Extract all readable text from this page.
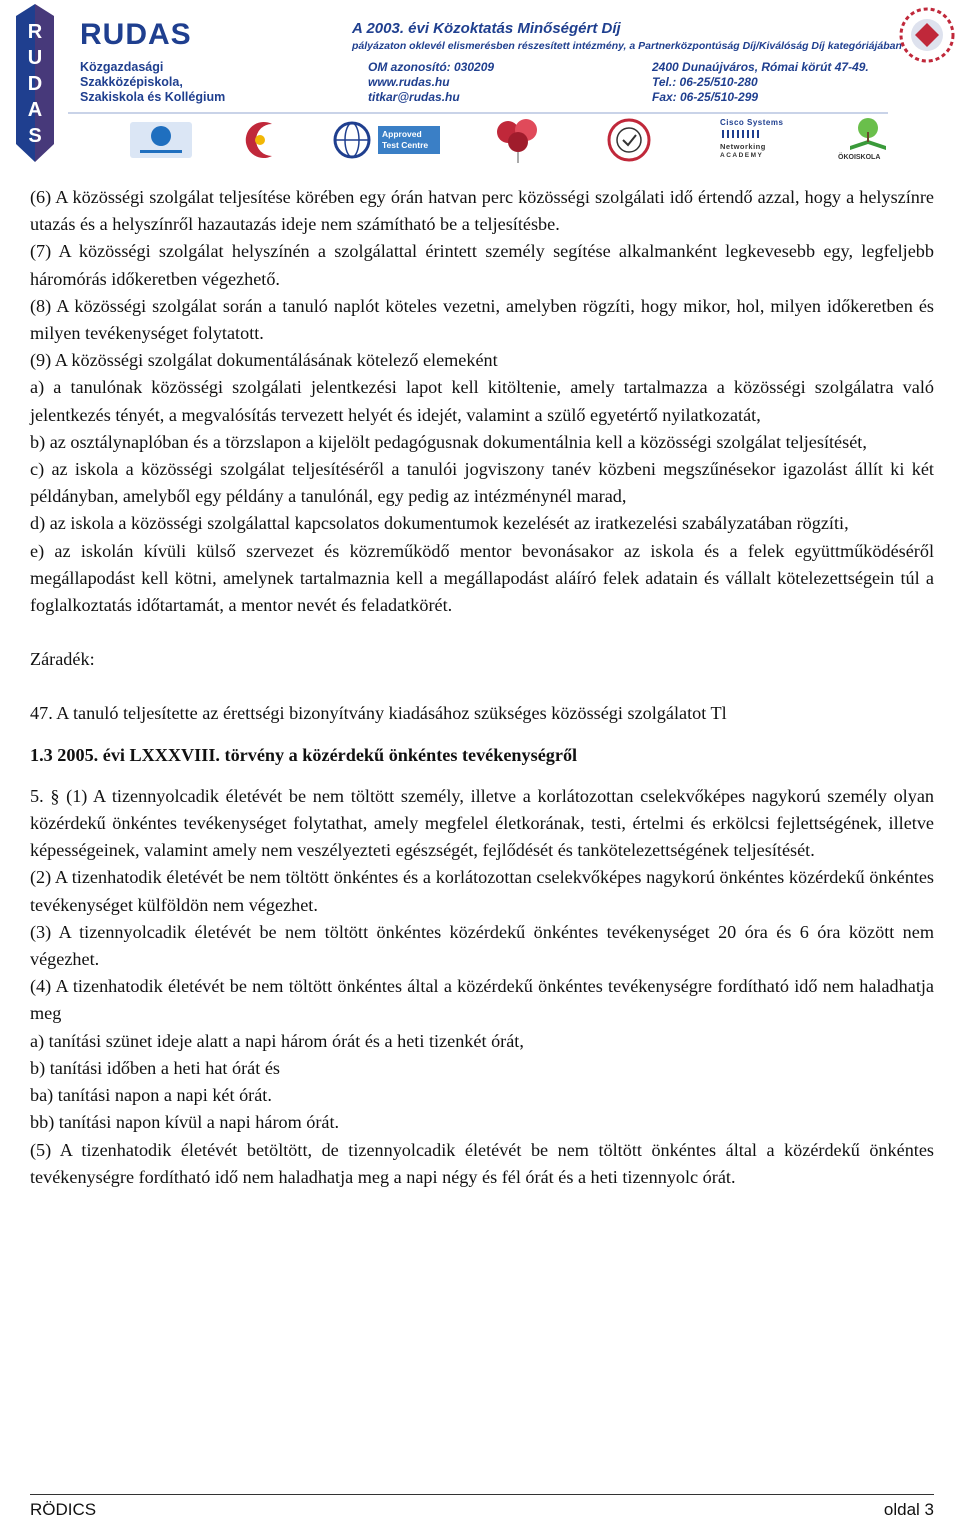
R
U
D
A
S
RUDAS
Közgazdasági
Szakközépiskola,
Szakiskola és Kollégium
A 2003. évi Közoktatás Minőségért Díj
pályázaton oklevél elismerésben részesített intézmény, a Partnerközpontúság Díj/Kiválóság Díj kategóriájában
OM azonosító: 030209
www.rudas.hu
titkar@rudas.hu
2400 Dunaújváros, Római körút 47-49.
Tel.: 06-25/510-280
Fax: 06-25/510-299
Approved
Test Centre
Cisco Systems
Networking
ACADEMY	ÖKOISKOLA

(6) A közösségi szolgálat teljesítése körében egy órán hatvan perc közösségi szolgálati idő értendő azzal, hogy a helyszínre utazás és a helyszínről hazautazás ideje nem számítható be a teljesítésbe.

(7) A közösségi szolgálat helyszínén a szolgálattal érintett személy segítése alkalmanként legkevesebb egy, legfeljebb háromórás időkeretben végezhető.

(8) A közösségi szolgálat során a tanuló naplót köteles vezetni, amelyben rögzíti, hogy mikor, hol, milyen időkeretben és milyen tevékenységet folytatott.

(9) A közösségi szolgálat dokumentálásának kötelező elemeként

a) a tanulónak közösségi szolgálati jelentkezési lapot kell kitöltenie, amely tartalmazza a közösségi szolgálatra való jelentkezés tényét, a megvalósítás tervezett helyét és idejét, valamint a szülő egyetértő nyilatkozatát,

b) az osztálynaplóban és a törzslapon a kijelölt pedagógusnak dokumentálnia kell a közösségi szolgálat teljesítését,

c) az iskola a közösségi szolgálat teljesítéséről a tanulói jogviszony tanév közbeni megszűnésekor igazolást állít ki két példányban, amelyből egy példány a tanulónál, egy pedig az intézménynél marad,

d) az iskola a közösségi szolgálattal kapcsolatos dokumentumok kezelését az iratkezelési szabályzatában rögzíti,

e) az iskolán kívüli külső szervezet és közreműködő mentor bevonásakor az iskola és a felek együttműködéséről megállapodást kell kötni, amelynek tartalmaznia kell a megállapodást aláíró felek adatain és vállalt kötelezettségein túl a foglalkoztatás időtartamát, a mentor nevét és feladatkörét.

Záradék:

47. A tanuló teljesítette az érettségi bizonyítvány kiadásához szükséges közösségi szolgálatot Tl

1.3 2005. évi LXXXVIII. törvény a közérdekű önkéntes tevékenységről

5. § (1) A tizennyolcadik életévét be nem töltött személy, illetve a korlátozottan cselekvőképes nagykorú személy olyan közérdekű önkéntes tevékenységet folytathat, amely megfelel életkorának, testi, értelmi és erkölcsi fejlettségének, illetve képességeinek, valamint amely nem veszélyezteti egészségét, fejlődését és tankötelezettségének teljesítését.

(2) A tizenhatodik életévét be nem töltött önkéntes és a korlátozottan cselekvőképes nagykorú önkéntes közérdekű önkéntes tevékenységet külföldön nem végezhet.

(3) A tizennyolcadik életévét be nem töltött önkéntes közérdekű önkéntes tevékenységet 20 óra és 6 óra között nem végezhet.

(4) A tizenhatodik életévét be nem töltött önkéntes által a közérdekű önkéntes tevékenységre fordítható idő nem haladhatja meg

a) tanítási szünet ideje alatt a napi három órát és a heti tizenkét órát,

b) tanítási időben a heti hat órát és

ba) tanítási napon a napi két órát.

bb) tanítási napon kívül a napi három órát.

(5) A tizenhatodik életévét betöltött, de tizennyolcadik életévét be nem töltött önkéntes által a közérdekű önkéntes tevékenységre fordítható idő nem haladhatja meg a napi négy és fél órát és a heti tizennyolc órát.

RÖDICS	oldal 3
